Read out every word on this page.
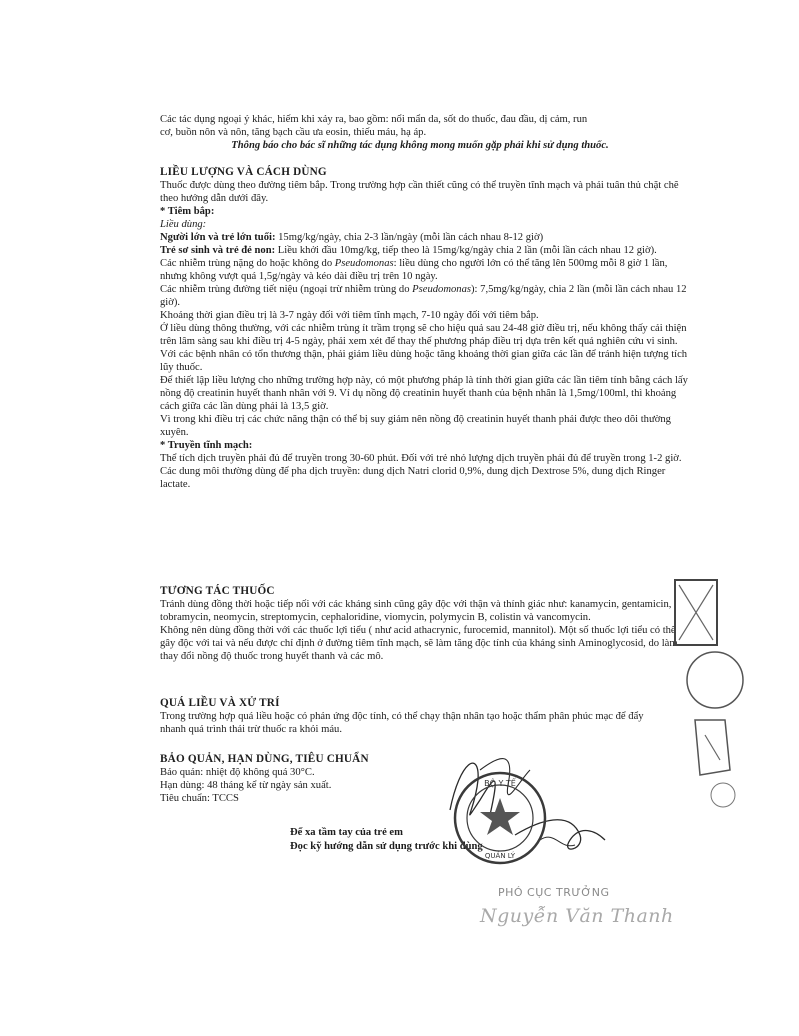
Các tác dụng ngoại ý khác, hiếm khi xảy ra, bao gồm: nổi mẩn da, sốt do thuốc, đau đầu, dị cảm, run

cơ, buồn nôn và nôn, tăng bạch cầu ưa eosin, thiếu máu, hạ áp.

Thông báo cho bác sĩ những tác dụng không mong muốn gặp phải khi sử dụng thuốc.

LIỀU LƯỢNG VÀ CÁCH DÙNG

Thuốc được dùng theo đường tiêm bắp. Trong trường hợp cần thiết cũng có thể truyền tĩnh mạch và phải tuân thủ chặt chẽ theo hướng dẫn dưới đây.

* Tiêm bắp:

Liều dùng:

Người lớn và trẻ lớn tuổi: 15mg/kg/ngày, chia 2-3 lần/ngày (mỗi lần cách nhau 8-12 giờ)

Trẻ sơ sinh và trẻ đẻ non: Liều khởi đầu 10mg/kg, tiếp theo là 15mg/kg/ngày chia 2 lần (mỗi lần cách nhau 12 giờ).

Các nhiễm trùng nặng do hoặc không do Pseudomonas: liều dùng cho người lớn có thể tăng lên 500mg mỗi 8 giờ 1 lần, nhưng không vượt quá 1,5g/ngày và kéo dài điều trị trên 10 ngày.

Các nhiễm trùng đường tiết niệu (ngoại trừ nhiễm trùng do Pseudomonas): 7,5mg/kg/ngày, chia 2 lần (mỗi lần cách nhau 12 giờ).

Khoảng thời gian điều trị là 3-7 ngày đối với tiêm tĩnh mạch, 7-10 ngày đối với tiêm bắp.

Ở liều dùng thông thường, với các nhiễm trùng ít trầm trọng sẽ cho hiệu quả sau 24-48 giờ điều trị, nếu không thấy cải thiện trên lâm sàng sau khi điều trị 4-5 ngày, phải xem xét để thay thế phương pháp điều trị dựa trên kết quả nghiên cứu vi sinh. Với các bệnh nhân có tổn thương thận, phải giảm liều dùng hoặc tăng khoảng thời gian giữa các lần để tránh hiện tượng tích lũy thuốc.

Để thiết lập liều lượng cho những trường hợp này, có một phương pháp là tính thời gian giữa các lần tiêm tính bằng cách lấy nồng độ creatinin huyết thanh nhân với 9. Ví dụ nồng độ creatinin huyết thanh của bệnh nhân là 1,5mg/100ml, thì khoảng cách giữa các lần dùng phải là 13,5 giờ.

Vì trong khi điều trị các chức năng thận có thể bị suy giảm nên nồng độ creatinin huyết thanh phải được theo dõi thường xuyên.

* Truyền tĩnh mạch:

Thể tích dịch truyền phải đủ để truyền trong 30-60 phút. Đối với trẻ nhỏ lượng dịch truyền phải đủ để truyền trong 1-2 giờ. Các dung môi thường dùng để pha dịch truyền: dung dịch Natri clorid 0,9%, dung dịch Dextrose 5%, dung dịch Ringer lactate.

TƯƠNG TÁC THUỐC

Tránh dùng đồng thời hoặc tiếp nối với các kháng sinh cũng gây độc với thận và thính giác như: kanamycin, gentamicin, tobramycin, neomycin, streptomycin, cephaloridine, viomycin, polymycin B, colistin và vancomycin.

Không nên dùng đồng thời với các thuốc lợi tiểu ( như acid athacrynic, furocemid, mannitol). Một số thuốc lợi tiểu có thể gây độc với tai và nếu được chỉ định ở đường tiêm tĩnh mạch, sẽ làm tăng độc tính của kháng sinh Aminoglycosid, do làm thay đổi nồng độ thuốc trong huyết thanh và các mô.

QUÁ LIỀU VÀ XỬ TRÍ

Trong trường hợp quá liều hoặc có phản ứng độc tính, có thể chạy thận nhân tạo hoặc thẩm phân phúc mạc để đẩy nhanh quá trình thải trừ thuốc ra khỏi máu.

BẢO QUẢN, HẠN DÙNG, TIÊU CHUẨN

Bảo quản: nhiệt độ không quá 30°C.

Hạn dùng: 48 tháng kể từ ngày sản xuất.

Tiêu chuẩn: TCCS

Để xa tầm tay của trẻ em
Đọc kỹ hướng dẫn sử dụng trước khi dùng
BỘ Y TẾ
QUẢN LÝ
PHÓ CỤC TRƯỞNG
Nguyễn Văn Thanh
